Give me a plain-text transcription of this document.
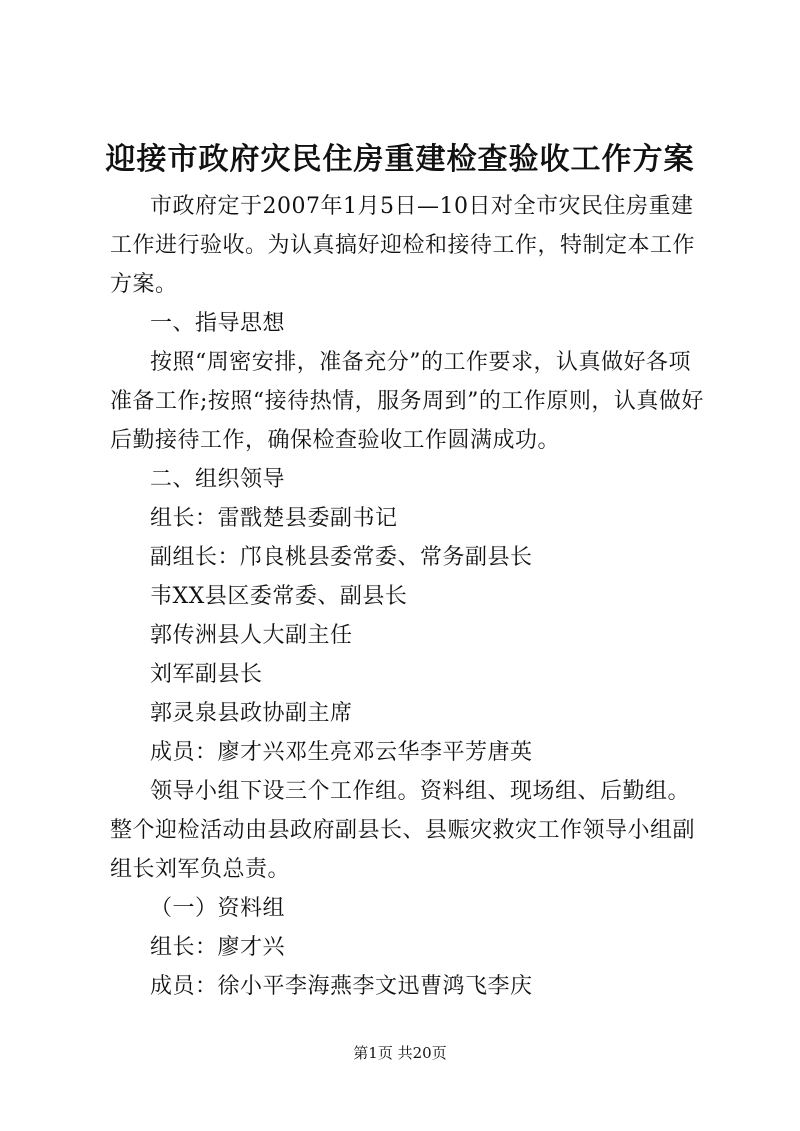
迎接市政府灾民住房重建检查验收工作方案

市政府定于2007年1月5日—10日对全市灾民住房重建工作进行验收。为认真搞好迎检和接待工作，特制定本工作方案。

一、指导思想

按照“周密安排，准备充分”的工作要求，认真做好各项准备工作;按照“接待热情，服务周到”的工作原则，认真做好后勤接待工作，确保检查验收工作圆满成功。

二、组织领导

组长：雷戬楚县委副书记

副组长：邝良桃县委常委、常务副县长

韦XX县区委常委、副县长

郭传洲县人大副主任

刘军副县长

郭灵泉县政协副主席

成员：廖才兴邓生亮邓云华李平芳唐英

领导小组下设三个工作组。资料组、现场组、后勤组。整个迎检活动由县政府副县长、县赈灾救灾工作领导小组副组长刘军负总责。

（一）资料组

组长：廖才兴

成员：徐小平李海燕李文迅曹鸿飞李庆

第1页 共20页
